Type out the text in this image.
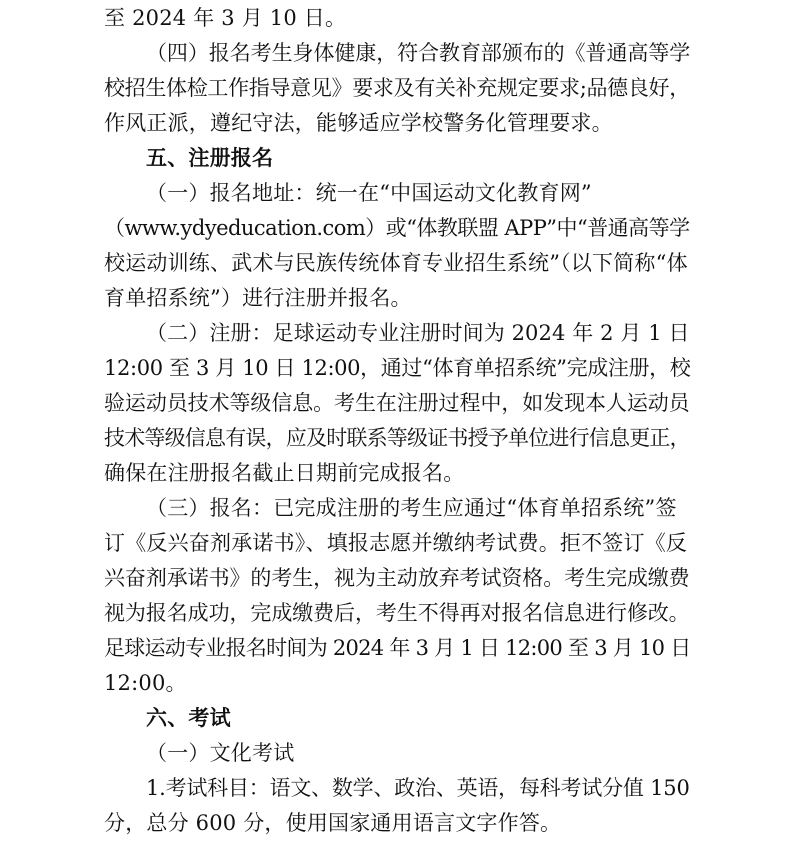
至 2024 年 3 月 10 日。
（四）报名考生身体健康，符合教育部颁布的《普通高等学
校招生体检工作指导意见》要求及有关补充规定要求;品德良好，
作风正派，遵纪守法，能够适应学校警务化管理要求。
五、注册报名
（一）报名地址：统一在“中国运动文化教育网”
（www.ydyeducation.com）或“体教联盟 APP”中“普通高等学
校运动训练、武术与民族传统体育专业招生系统”（以下简称“体
育单招系统”）进行注册并报名。
（二）注册：足球运动专业注册时间为 2024 年 2 月 1 日
12:00 至 3 月 10 日 12:00，通过“体育单招系统”完成注册，校
验运动员技术等级信息。考生在注册过程中，如发现本人运动员
技术等级信息有误，应及时联系等级证书授予单位进行信息更正，
确保在注册报名截止日期前完成报名。
（三）报名：已完成注册的考生应通过“体育单招系统”签
订《反兴奋剂承诺书》、填报志愿并缴纳考试费。拒不签订《反
兴奋剂承诺书》的考生，视为主动放弃考试资格。考生完成缴费
视为报名成功，完成缴费后，考生不得再对报名信息进行修改。
足球运动专业报名时间为 2024 年 3 月 1 日 12:00 至 3 月 10 日
12:00。
六、考试
（一）文化考试
1.考试科目：语文、数学、政治、英语，每科考试分值 150
分，总分 600 分，使用国家通用语言文字作答。
